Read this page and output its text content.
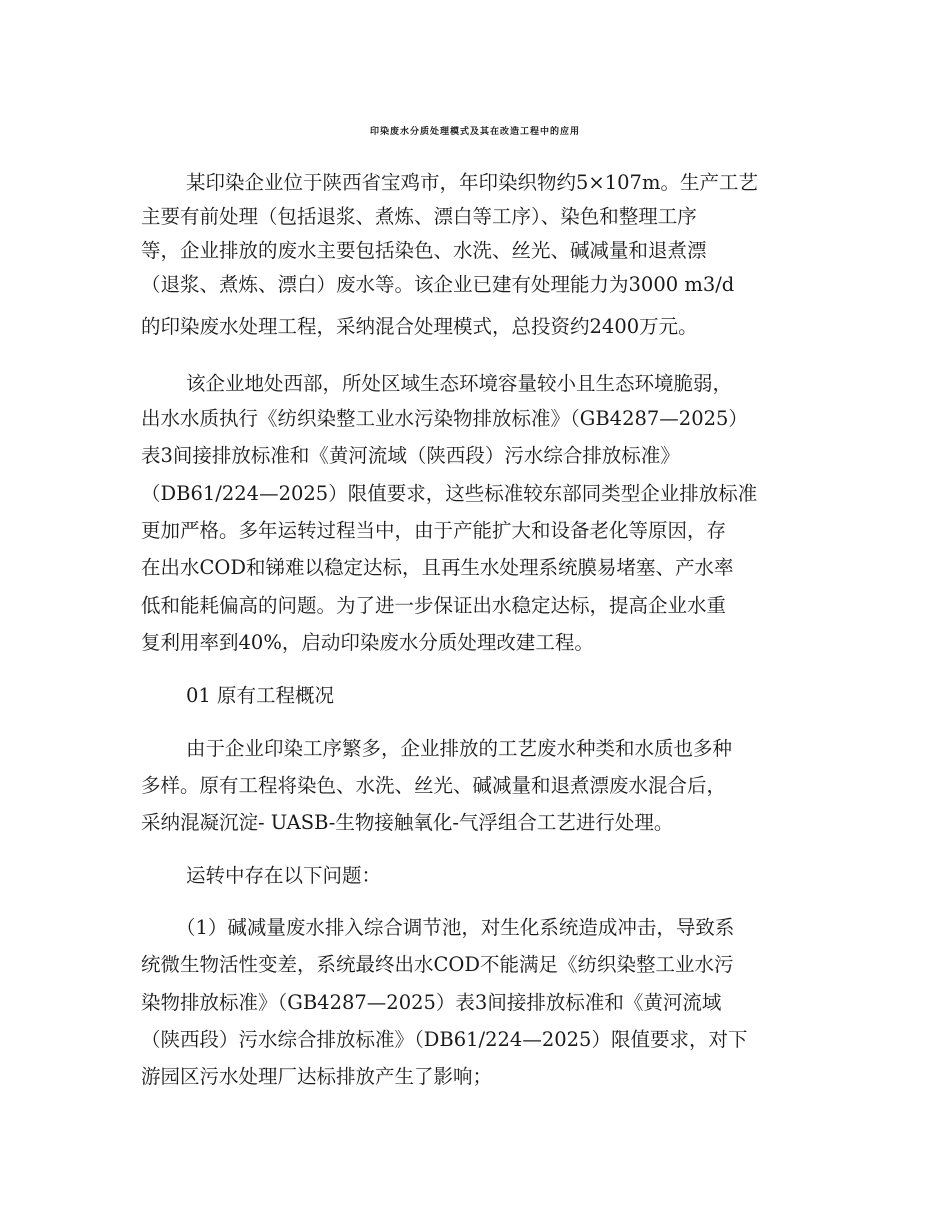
印染废水分质处理模式及其在改造工程中的应用
某印染企业位于陕西省宝鸡市，年印染织物约5×107m。生产工艺
主要有前处理（包括退浆、煮炼、漂白等工序）、染色和整理工序
等，企业排放的废水主要包括染色、水洗、丝光、碱减量和退煮漂
（退浆、煮炼、漂白）废水等。该企业已建有处理能力为3000 m3/d
的印染废水处理工程，采纳混合处理模式，总投资约2400万元。
该企业地处西部，所处区域生态环境容量较小且生态环境脆弱，
出水水质执行《纺织染整工业水污染物排放标准》（GB4287—2025）
表3间接排放标准和《黄河流域（陕西段）污水综合排放标准》
（DB61/224—2025）限值要求，这些标准较东部同类型企业排放标准
更加严格。多年运转过程当中，由于产能扩大和设备老化等原因，存
在出水COD和锑难以稳定达标，且再生水处理系统膜易堵塞、产水率
低和能耗偏高的问题。为了进一步保证出水稳定达标，提高企业水重
复利用率到40%，启动印染废水分质处理改建工程。
01 原有工程概况
由于企业印染工序繁多，企业排放的工艺废水种类和水质也多种
多样。原有工程将染色、水洗、丝光、碱减量和退煮漂废水混合后，
采纳混凝沉淀- UASB-生物接触氧化-气浮组合工艺进行处理。
运转中存在以下问题：
（1）碱减量废水排入综合调节池，对生化系统造成冲击，导致系
统微生物活性变差，系统最终出水COD不能满足《纺织染整工业水污
染物排放标准》（GB4287—2025）表3间接排放标准和《黄河流域
（陕西段）污水综合排放标准》（DB61/224—2025）限值要求，对下
游园区污水处理厂达标排放产生了影响；
